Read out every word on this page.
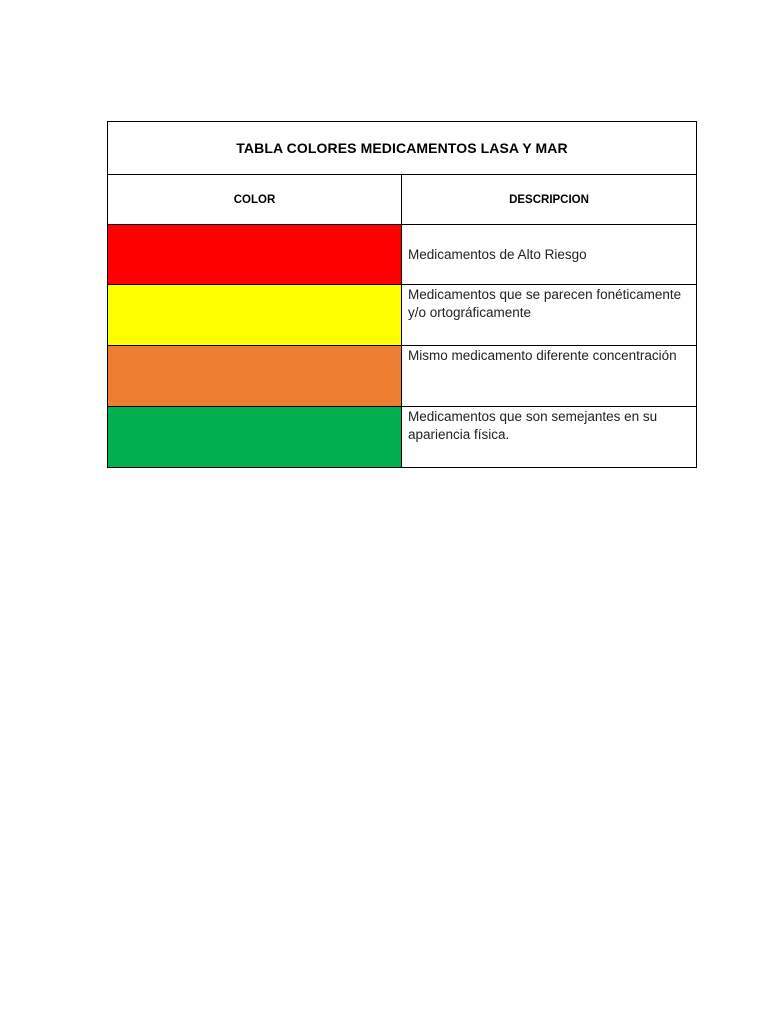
TABLA COLORES MEDICAMENTOS LASA Y MAR	
COLOR	DESCRIPCION
	Medicamentos de Alto Riesgo
	Medicamentos que se parecen fonéticamente y/o ortográficamente
	Mismo medicamento diferente concentración
	Medicamentos que son semejantes en su apariencia física.
